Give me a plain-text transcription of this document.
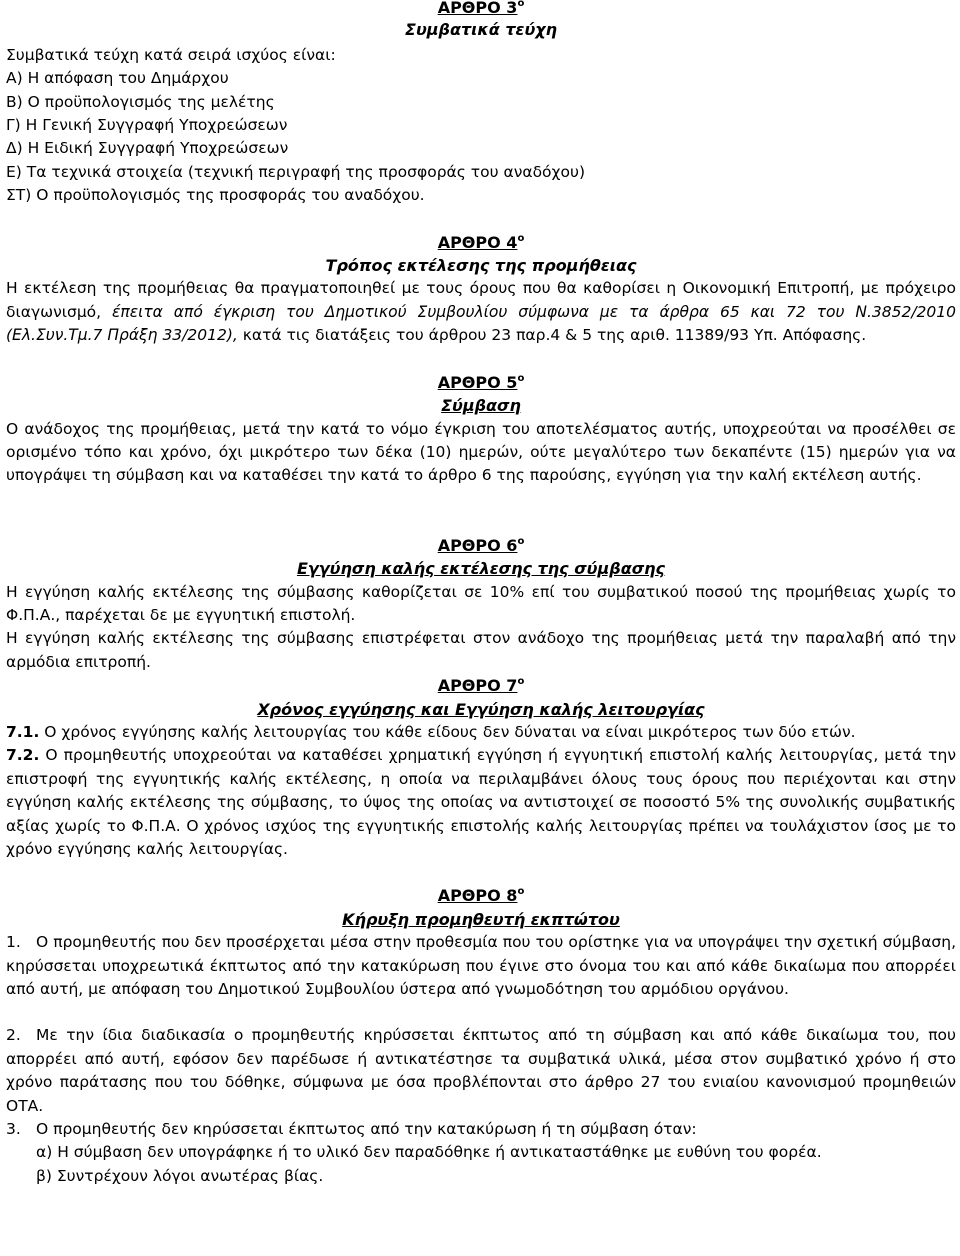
ΑΡΘΡΟ $3^o$

Συμβατικά τεύχη

Συμβατικά τεύχη κατά σειρά ισχύος είναι:

Α) Η απόφαση του Δημάρχου

Β) Ο προϋπολογισμός της μελέτης

Γ) Η Γενική Συγγραφή Υποχρεώσεων

Δ) Η Ειδική Συγγραφή Υποχρεώσεων

Ε) Τα τεχνικά στοιχεία (τεχνική περιγραφή της προσφοράς του αναδόχου)

ΣΤ) Ο προϋπολογισμός της προσφοράς του αναδόχου.

ΑΡΘΡΟ $4^o$

Τρόπος εκτέλεσης της προμήθειας

Η εκτέλεση της προμήθειας θα πραγματοποιηθεί με τους όρους που θα καθορίσει η Οικονομική Επιτροπή, με πρόχειρο διαγωνισμό, έπειτα από έγκριση του Δημοτικού Συμβουλίου σύμφωνα με τα άρθρα 65 και 72 του Ν.3852/2010 (Ελ.Συν.Τμ.7 Πράξη 33/2012), κατά τις διατάξεις του άρθρου 23 παρ.4 & 5 της αριθ. 11389/93 Υπ. Απόφασης.

ΑΡΘΡΟ $5^o$

Σύμβαση

Ο ανάδοχος της προμήθειας, μετά την κατά το νόμο έγκριση του αποτελέσματος αυτής, υποχρεούται να προσέλθει σε ορισμένο τόπο και χρόνο, όχι μικρότερο των δέκα (10) ημερών, ούτε μεγαλύτερο των δεκαπέντε (15) ημερών για να υπογράψει τη σύμβαση και να καταθέσει την κατά το άρθρο 6 της παρούσης, εγγύηση για την καλή εκτέλεση αυτής.

ΑΡΘΡΟ $6^o$

Εγγύηση καλής εκτέλεσης της σύμβασης

Η εγγύηση καλής εκτέλεσης της σύμβασης καθορίζεται σε 10% επί του συμβατικού ποσού της προμήθειας χωρίς το Φ.Π.Α., παρέχεται δε με εγγυητική επιστολή.

Η εγγύηση καλής εκτέλεσης της σύμβασης επιστρέφεται στον ανάδοχο της προμήθειας μετά την παραλαβή από την αρμόδια επιτροπή.

ΑΡΘΡΟ $7^o$

Χρόνος εγγύησης και Εγγύηση καλής λειτουργίας

7.1. Ο χρόνος εγγύησης καλής λειτουργίας του κάθε είδους δεν δύναται να είναι μικρότερος των δύο ετών.

7.2. Ο προμηθευτής υποχρεούται να καταθέσει χρηματική εγγύηση ή εγγυητική επιστολή καλής λειτουργίας, μετά την επιστροφή της εγγυητικής καλής εκτέλεσης, η οποία να περιλαμβάνει όλους τους όρους που περιέχονται και στην εγγύηση καλής εκτέλεσης της σύμβασης, το ύψος της οποίας να αντιστοιχεί σε ποσοστό 5% της συνολικής συμβατικής αξίας χωρίς το Φ.Π.Α. Ο χρόνος ισχύος της εγγυητικής επιστολής καλής λειτουργίας πρέπει να τουλάχιστον ίσος με το χρόνο εγγύησης καλής λειτουργίας.

ΑΡΘΡΟ $8^o$

Κήρυξη προμηθευτή εκπτώτου

1. Ο προμηθευτής που δεν προσέρχεται μέσα στην προθεσμία που του ορίστηκε για να υπογράψει την σχετική σύμβαση, κηρύσσεται υποχρεωτικά έκπτωτος από την κατακύρωση που έγινε στο όνομα του και από κάθε δικαίωμα που απορρέει από αυτή, με απόφαση του Δημοτικού Συμβουλίου ύστερα από γνωμοδότηση του αρμόδιου οργάνου.

2. Με την ίδια διαδικασία ο προμηθευτής κηρύσσεται έκπτωτος από τη σύμβαση και από κάθε δικαίωμα του, που απορρέει από αυτή, εφόσον δεν παρέδωσε ή αντικατέστησε τα συμβατικά υλικά, μέσα στον συμβατικό χρόνο ή στο χρόνο παράτασης που του δόθηκε, σύμφωνα με όσα προβλέπονται στο άρθρο 27 του ενιαίου κανονισμού προμηθειών ΟΤΑ.

3. Ο προμηθευτής δεν κηρύσσεται έκπτωτος από την κατακύρωση ή τη σύμβαση όταν:

α) Η σύμβαση δεν υπογράφηκε ή το υλικό δεν παραδόθηκε ή αντικαταστάθηκε με ευθύνη του φορέα.

β) Συντρέχουν λόγοι ανωτέρας βίας.
